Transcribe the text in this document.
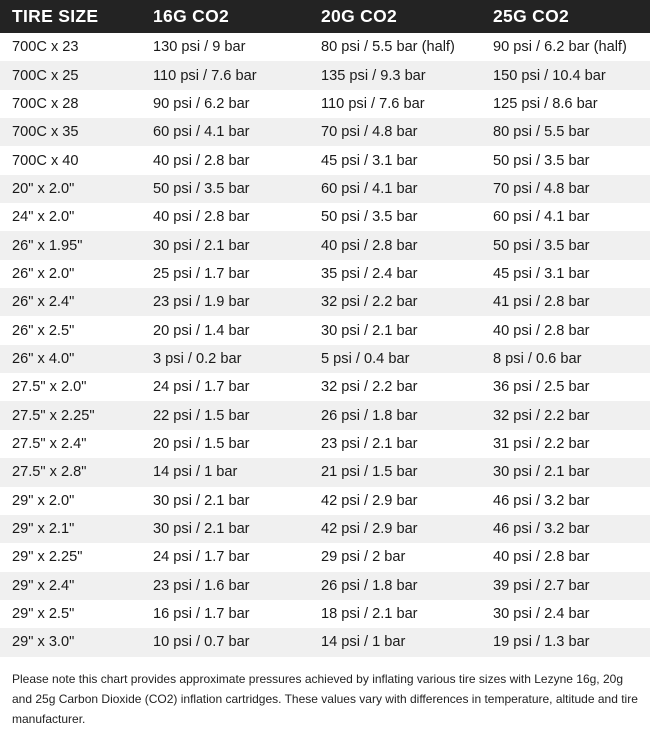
TIRE SIZE	16G CO2	20G CO2	25G CO2
700C x 23	130 psi / 9 bar	80 psi / 5.5 bar (half)	90 psi / 6.2 bar (half)
700C x 25	110 psi / 7.6 bar	135 psi / 9.3 bar	150 psi / 10.4 bar
700C x 28	90 psi / 6.2 bar	110 psi / 7.6 bar	125 psi / 8.6 bar
700C x 35	60 psi / 4.1 bar	70 psi / 4.8 bar	80 psi / 5.5 bar
700C x 40	40 psi / 2.8 bar	45 psi / 3.1 bar	50 psi / 3.5 bar
20" x 2.0"	50 psi / 3.5 bar	60 psi / 4.1 bar	70 psi / 4.8 bar
24" x 2.0"	40 psi / 2.8 bar	50 psi / 3.5 bar	60 psi / 4.1 bar
26" x 1.95"	30 psi / 2.1 bar	40 psi / 2.8 bar	50 psi / 3.5 bar
26" x 2.0"	25 psi / 1.7 bar	35 psi / 2.4 bar	45 psi / 3.1 bar
26" x 2.4"	23 psi / 1.9 bar	32 psi / 2.2 bar	41 psi / 2.8 bar
26" x 2.5"	20 psi / 1.4 bar	30 psi / 2.1 bar	40 psi / 2.8 bar
26" x 4.0"	3 psi / 0.2 bar	5 psi / 0.4 bar	8 psi / 0.6 bar
27.5" x 2.0"	24 psi / 1.7 bar	32 psi / 2.2 bar	36 psi / 2.5 bar
27.5" x 2.25"	22 psi / 1.5 bar	26 psi / 1.8 bar	32 psi / 2.2 bar
27.5" x 2.4"	20 psi / 1.5 bar	23 psi / 2.1 bar	31 psi / 2.2 bar
27.5" x 2.8"	14 psi / 1 bar	21 psi / 1.5 bar	30 psi / 2.1 bar
29" x 2.0"	30 psi / 2.1 bar	42 psi / 2.9 bar	46 psi / 3.2 bar
29" x 2.1"	30 psi / 2.1 bar	42 psi / 2.9 bar	46 psi / 3.2 bar
29" x 2.25"	24 psi / 1.7 bar	29 psi / 2 bar	40 psi / 2.8 bar
29" x 2.4"	23 psi / 1.6 bar	26 psi / 1.8 bar	39 psi / 2.7 bar
29" x 2.5"	16 psi / 1.7 bar	18 psi / 2.1 bar	30 psi / 2.4 bar
29" x 3.0"	10 psi / 0.7 bar	14 psi / 1 bar	19 psi / 1.3 bar
Please note this chart provides approximate pressures achieved by inflating various tire sizes with Lezyne 16g, 20g and 25g Carbon Dioxide (CO2) inflation cartridges. These values vary with differences in temperature, altitude and tire manufacturer.
